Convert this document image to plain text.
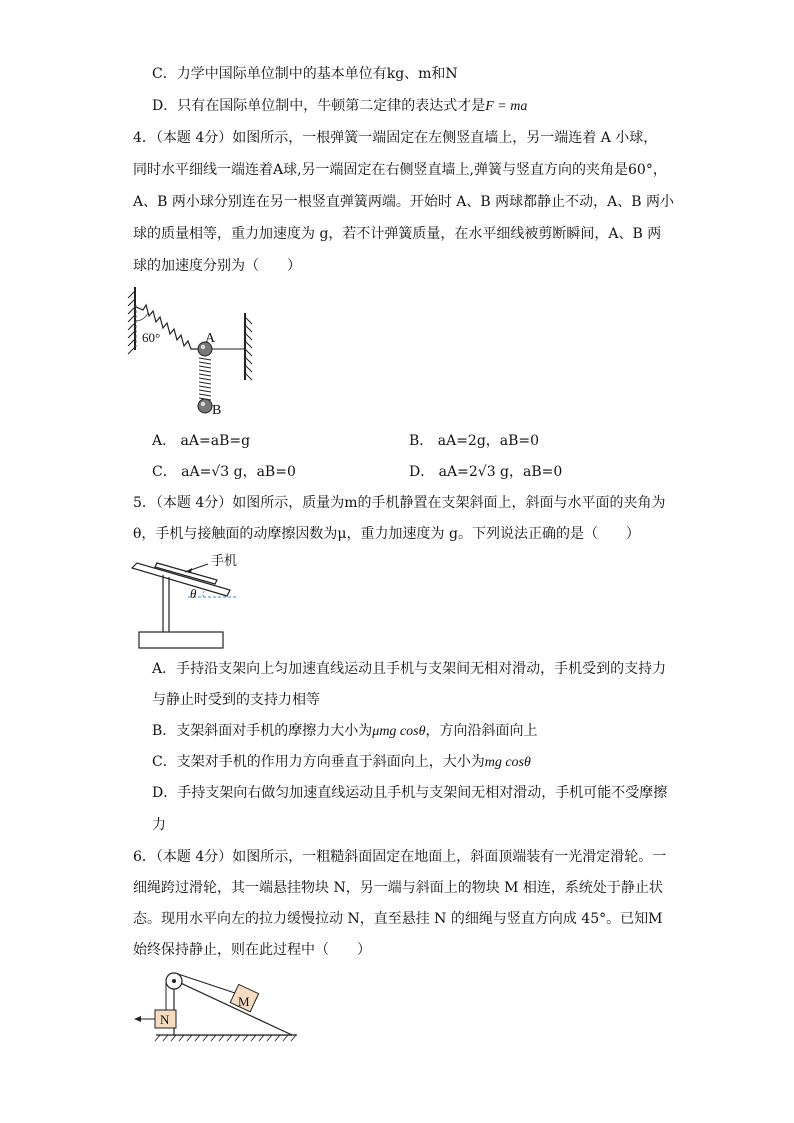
C．力学中国际单位制中的基本单位有kg、m和N
D．只有在国际单位制中，牛顿第二定律的表达式才是F = ma
4．（本题 4分）如图所示，一根弹簧一端固定在左侧竖直墙上，另一端连着 A 小球，
同时水平细线一端连着A球,另一端固定在右侧竖直墙上,弹簧与竖直方向的夹角是60°，
A、B 两小球分别连在另一根竖直弹簧两端。开始时 A、B 两球都静止不动，A、B 两小
球的质量相等，重力加速度为 g，若不计弹簧质量，在水平细线被剪断瞬间，A、B 两
球的加速度分别为（　　）
60°	A
B
A． aA=aB=g	B． aA=2g，aB=0
C． aA=√3 g，aB=0	D． aA=2√3 g，aB=0
5．（本题 4分）如图所示，质量为m的手机静置在支架斜面上，斜面与水平面的夹角为
θ，手机与接触面的动摩擦因数为μ，重力加速度为 g。下列说法正确的是（　　）
手机
θ
A．手持沿支架向上匀加速直线运动且手机与支架间无相对滑动，手机受到的支持力
与静止时受到的支持力相等
B．支架斜面对手机的摩擦力大小为μmg cosθ，方向沿斜面向上
C．支架对手机的作用力方向垂直于斜面向上，大小为mg cosθ
D．手持支架向右做匀加速直线运动且手机与支架间无相对滑动，手机可能不受摩擦
力
6．（本题 4分）如图所示，一粗糙斜面固定在地面上，斜面顶端装有一光滑定滑轮。一
细绳跨过滑轮，其一端悬挂物块 N，另一端与斜面上的物块 M 相连，系统处于静止状
态。现用水平向左的拉力缓慢拉动 N，直至悬挂 N 的细绳与竖直方向成 45°。已知M
始终保持静止，则在此过程中（　　）
M
N
